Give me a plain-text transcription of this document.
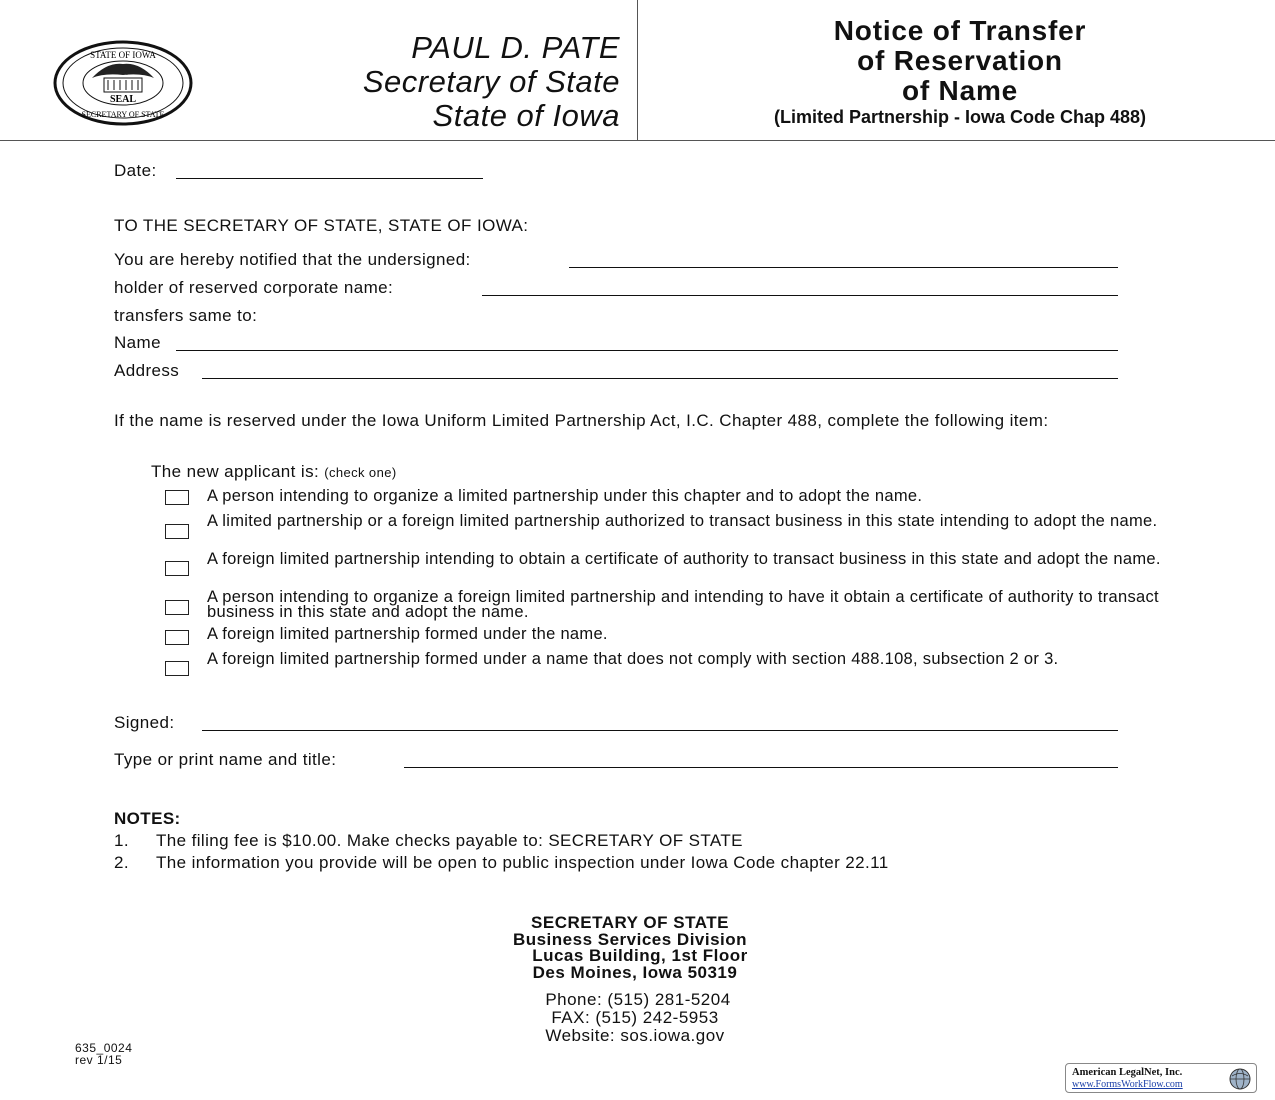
STATE OF IOWA
SEAL
SECRETARY OF STATE
PAUL D. PATE
Secretary of State
State of Iowa
Notice of Transfer
of Reservation
of Name
(Limited Partnership - Iowa Code Chap 488)
Date:
TO THE SECRETARY OF STATE, STATE OF IOWA:
You are hereby notified that the undersigned:
holder of reserved corporate name:
transfers same to:
Name
Address
If the name is reserved under the Iowa Uniform Limited Partnership Act, I.C. Chapter 488, complete the following item:
The new applicant is: (check one)
A person intending to organize a limited partnership under this chapter and to adopt the name.
A limited partnership or a foreign limited partnership authorized to transact business in this state intending to adopt the name.
A foreign limited partnership intending to obtain a certificate of authority to transact business in this state and adopt the name.
A person intending to organize a foreign limited partnership and intending to have it obtain a certificate of authority to transact business in this state and adopt the name.
A foreign limited partnership formed under the name.
A foreign limited partnership formed under a name that does not comply with section 488.108, subsection 2 or 3.
Signed:
Type or print name and title:
NOTES:
1. The filing fee is $10.00. Make checks payable to: SECRETARY OF STATE
2. The information you provide will be open to public inspection under Iowa Code chapter 22.11
SECRETARY OF STATE
Business Services Division
Lucas Building, 1st Floor
Des Moines, Iowa 50319
Phone: (515) 281-5204
FAX: (515) 242-5953
Website: sos.iowa.gov
635_0024
rev 1/15
American LegalNet, Inc.
www.FormsWorkFlow.com
